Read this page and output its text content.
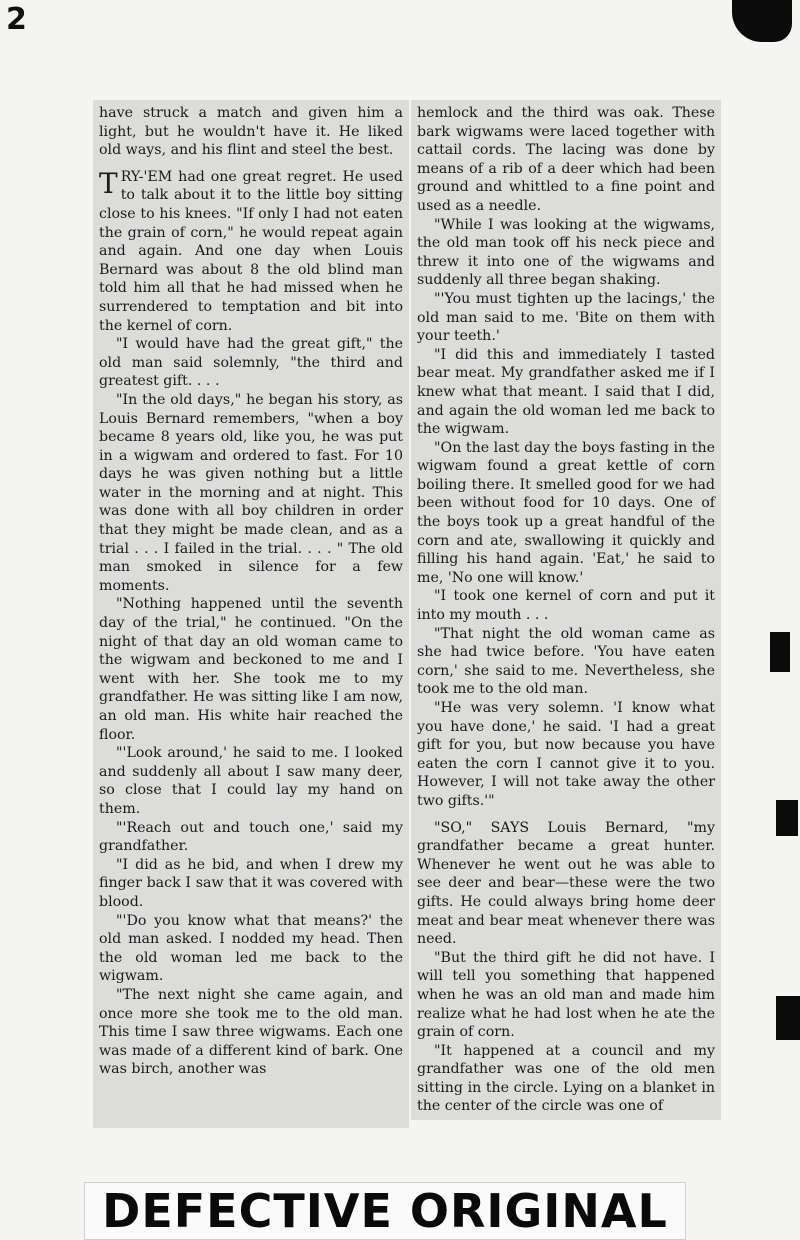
2

have struck a match and given him a light, but he wouldn't have it. He liked old ways, and his flint and steel the best.

TRY-'EM had one great regret. He used to talk about it to the little boy sitting close to his knees. "If only I had not eaten the grain of corn," he would repeat again and again. And one day when Louis Bernard was about 8 the old blind man told him all that he had missed when he surrendered to temptation and bit into the kernel of corn.

"I would have had the great gift," the old man said solemnly, "the third and greatest gift. . . .

"In the old days," he began his story, as Louis Bernard remembers, "when a boy became 8 years old, like you, he was put in a wigwam and ordered to fast. For 10 days he was given nothing but a little water in the morning and at night. This was done with all boy children in order that they might be made clean, and as a trial . . . I failed in the trial. . . . " The old man smoked in silence for a few moments.

"Nothing happened until the seventh day of the trial," he continued. "On the night of that day an old woman came to the wigwam and beckoned to me and I went with her. She took me to my grandfather. He was sitting like I am now, an old man. His white hair reached the floor.

"'Look around,' he said to me. I looked and suddenly all about I saw many deer, so close that I could lay my hand on them.

"'Reach out and touch one,' said my grandfather.

"I did as he bid, and when I drew my finger back I saw that it was covered with blood.

"'Do you know what that means?' the old man asked. I nodded my head. Then the old woman led me back to the wigwam.

"The next night she came again, and once more she took me to the old man. This time I saw three wigwams. Each one was made of a different kind of bark. One was birch, another was

hemlock and the third was oak. These bark wigwams were laced together with cattail cords. The lacing was done by means of a rib of a deer which had been ground and whittled to a fine point and used as a needle.

"While I was looking at the wigwams, the old man took off his neck piece and threw it into one of the wigwams and suddenly all three began shaking.

"'You must tighten up the lacings,' the old man said to me. 'Bite on them with your teeth.'

"I did this and immediately I tasted bear meat. My grandfather asked me if I knew what that meant. I said that I did, and again the old woman led me back to the wigwam.

"On the last day the boys fasting in the wigwam found a great kettle of corn boiling there. It smelled good for we had been without food for 10 days. One of the boys took up a great handful of the corn and ate, swallowing it quickly and filling his hand again. 'Eat,' he said to me, 'No one will know.'

"I took one kernel of corn and put it into my mouth . . .

"That night the old woman came as she had twice before. 'You have eaten corn,' she said to me. Nevertheless, she took me to the old man.

"He was very solemn. 'I know what you have done,' he said. 'I had a great gift for you, but now because you have eaten the corn I cannot give it to you. However, I will not take away the other two gifts.'"

"SO," SAYS Louis Bernard, "my grandfather became a great hunter. Whenever he went out he was able to see deer and bear—these were the two gifts. He could always bring home deer meat and bear meat whenever there was need.

"But the third gift he did not have. I will tell you something that happened when he was an old man and made him realize what he had lost when he ate the grain of corn.

"It happened at a council and my grandfather was one of the old men sitting in the circle. Lying on a blanket in the center of the circle was one of

DEFECTIVE ORIGINAL
